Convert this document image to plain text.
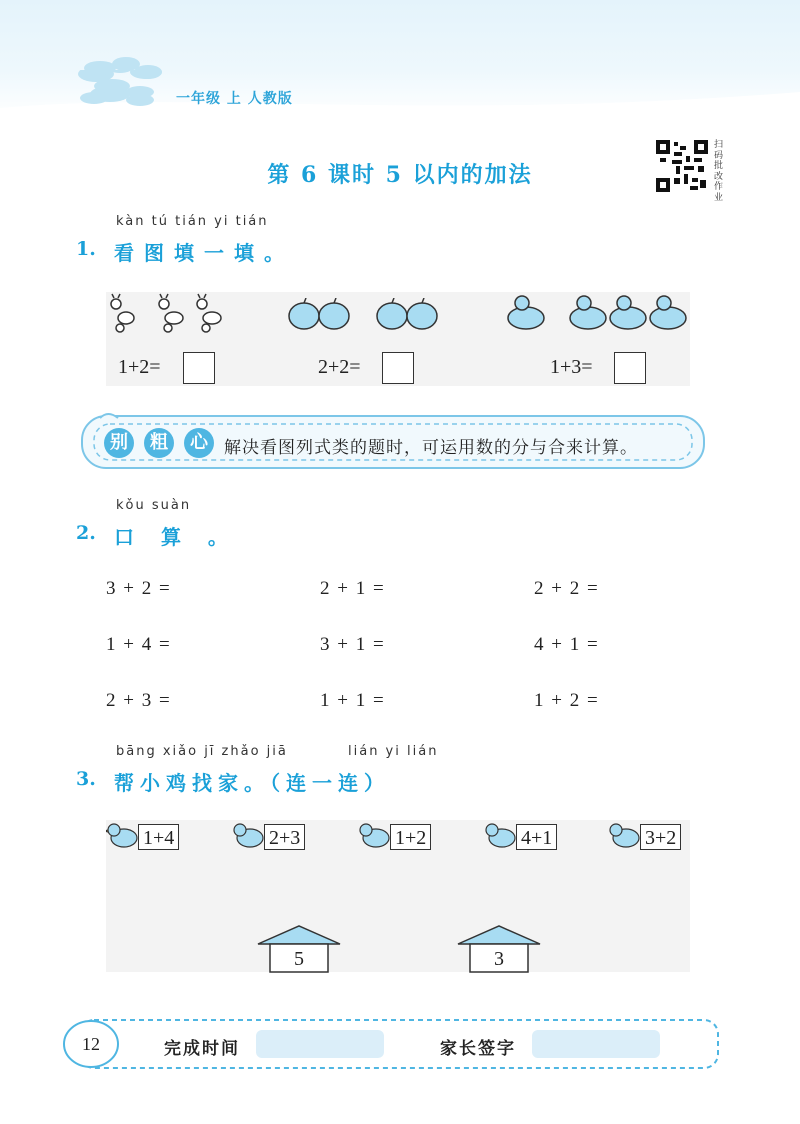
一年级 上 人教版
第 6 课时 5 以内的加法
扫码批改作业
kàn tú tián yi tián
1. 看图填一填。
1+2=	2+2=	1+3=
别	粗	心 解决看图列式类的题时，可运用数的分与合来计算。
kǒu suàn
2. 口 算 。
3 + 2 =	2 + 1 =	2 + 2 =
1 + 4 =	3 + 1 =	4 + 1 =
2 + 3 =	1 + 1 =	1 + 2 =
bāng xiǎo jī zhǎo jiā	lián yi lián
3. 帮小鸡找家。（连一连）
1+4	2+3	1+2	4+1	3+2
5	3
12	完成时间	家长签字
